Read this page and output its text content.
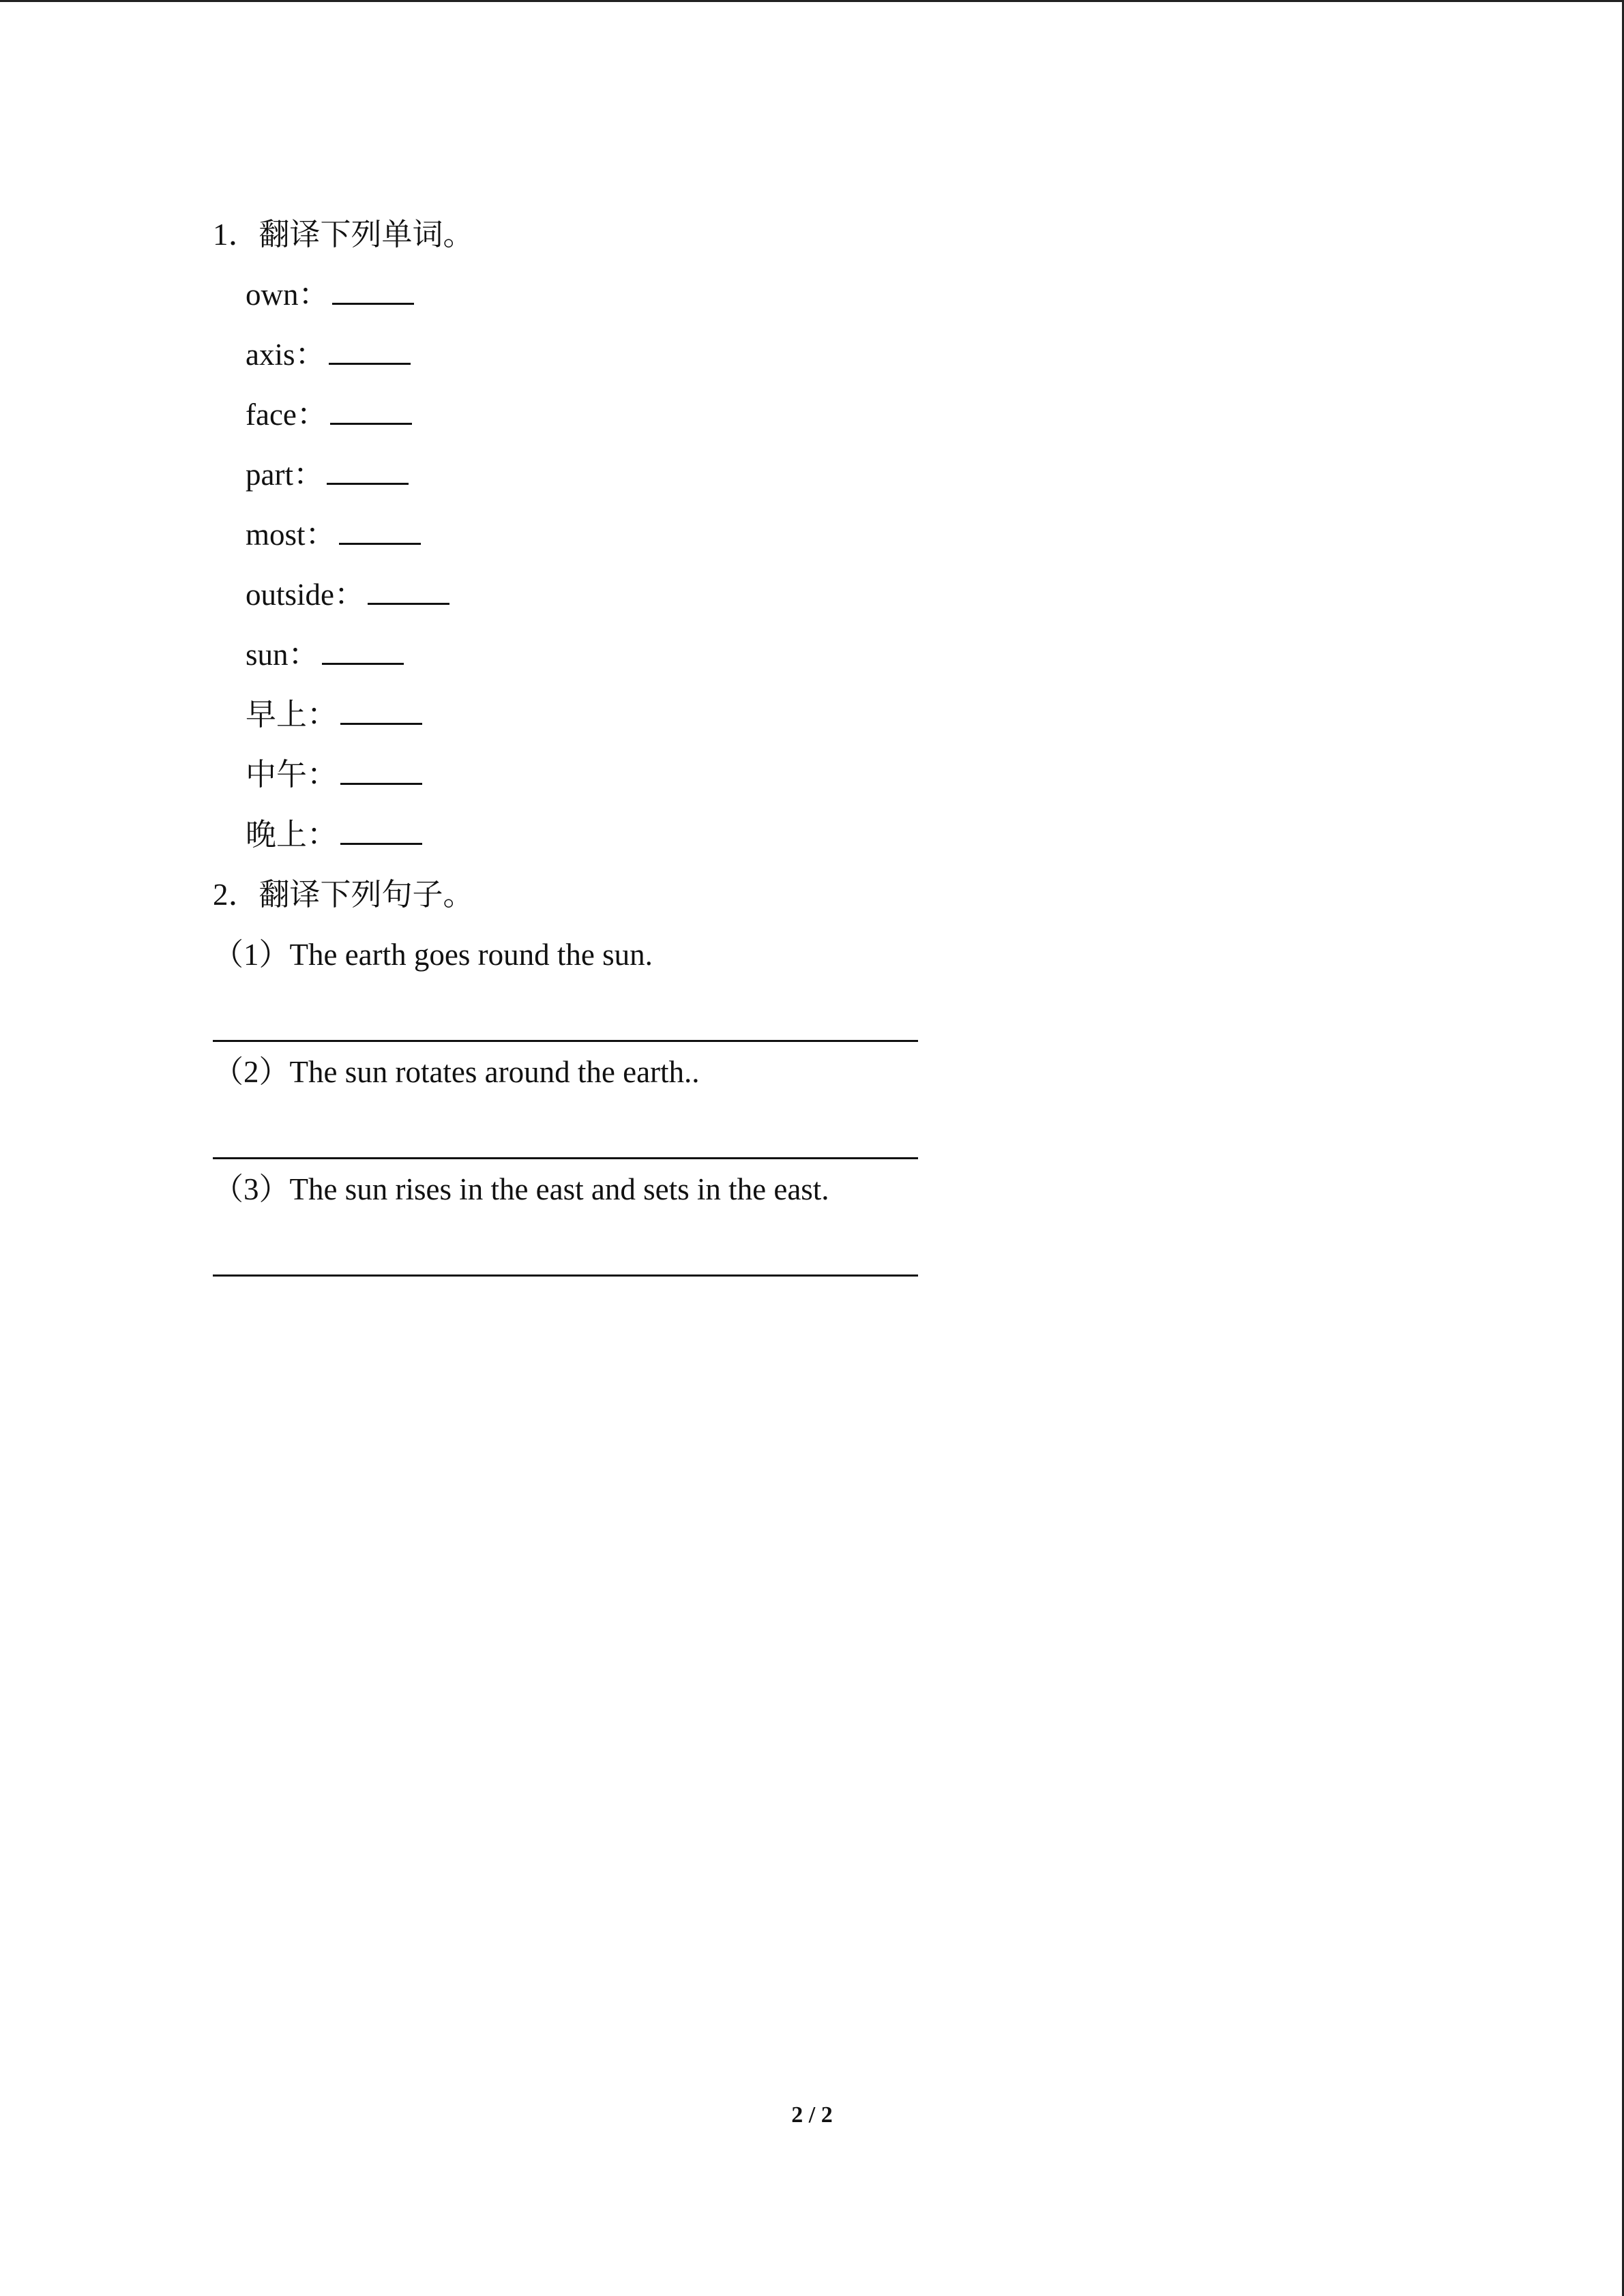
1．翻译下列单词。
own：
axis：
face：
part：
most：
outside：
sun：
早上：
中午：
晚上：
2．翻译下列句子。
（1）The earth goes round the sun.
（2）The sun rotates around the earth..
（3）The sun rises in the east and sets in the east.
2 / 2
